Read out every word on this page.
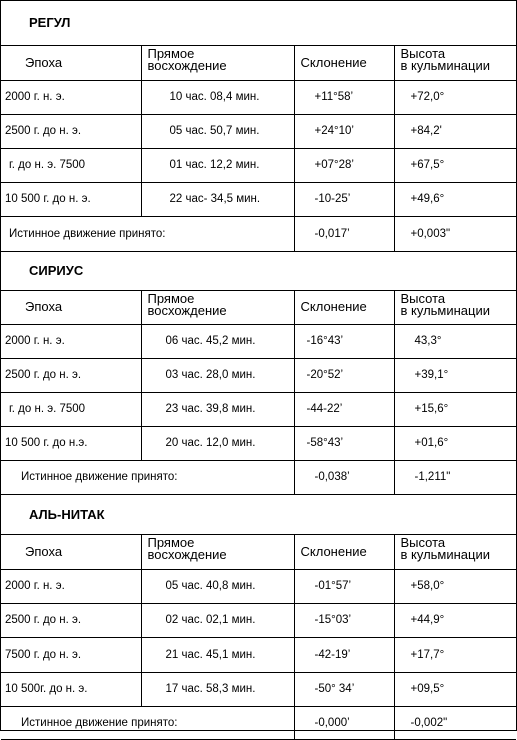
РЕГУЛ			
Эпоха	Прямое
восхождение	Склонение	Высота
в кульминации
2000 г. н. э.	10 час. 08,4 мин.	+11°58’	+72,0°
2500 г. до н. э.	05 час. 50,7 мин.	+24°10’	+84,2'
г. до н. э. 7500	01 час. 12,2 мин.	+07°28’	+67,5°
10 500 г. до н. э.	22 час- 34,5 мин.	-10-25’	+49,6°
Истинное движение принято:		-0,017’	+0,003"
СИРИУС			
Эпоха	Прямое
восхождение	Склонение	Высота
в кульминации
2000 г. н. э.	06 час. 45,2 мин.	-16°43’	43,3°
2500 г. до н. э.	03 час. 28,0 мин.	-20°52’	+39,1°
г. до н. э. 7500	23 час. 39,8 мин.	-44-22’	+15,6°
10 500 г. до н.э.	20 час. 12,0 мин.	-58°43’	+01,6°
Истинное движение принято:		-0,038’	-1,211"
АЛЬ-НИТАК			
Эпоха	Прямое
восхождение	Склонение	Высота
в кульминации
2000 г. н. э.	05 час. 40,8 мин.	-01°57’	+58,0°
2500 г. до н. э.	02 час. 02,1 мин.	-15°03’	+44,9°
7500 г. до н. э.	21 час. 45,1 мин.	-42-19’	+17,7°
10 500г. до н. э.	17 час. 58,3 мин.	-50° 34’	+09,5°
Истинное движение принято:		-0,000’	-0,002"
